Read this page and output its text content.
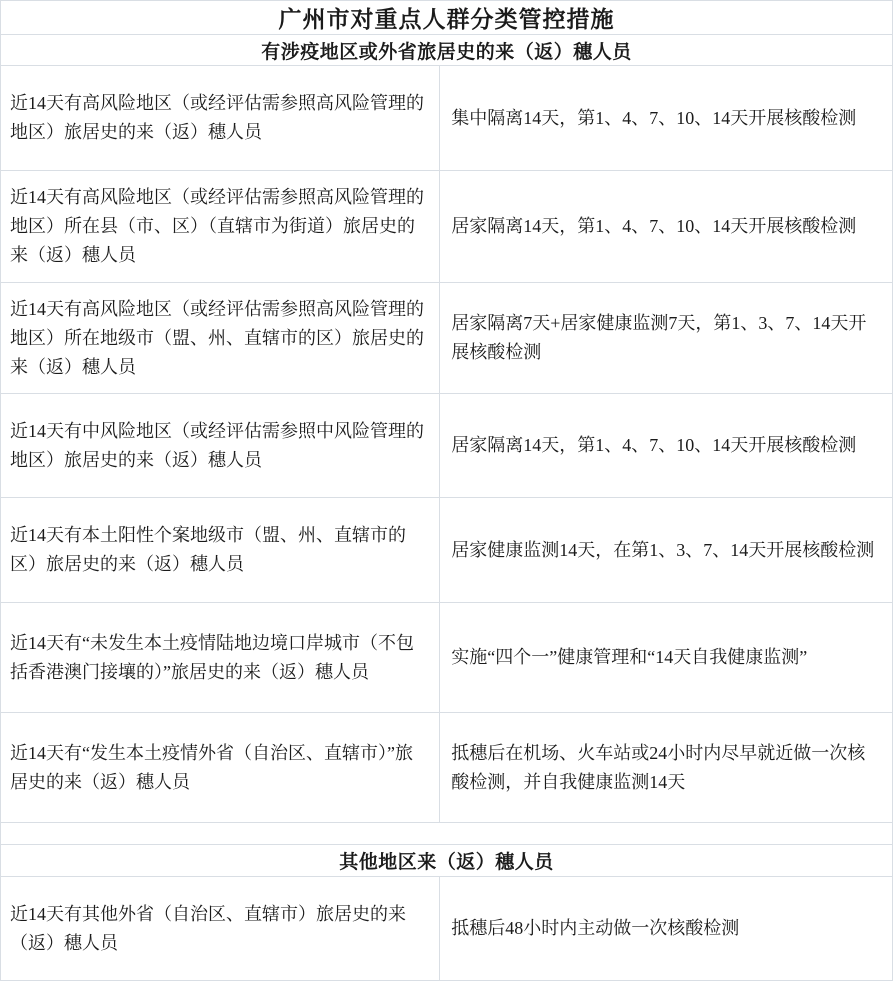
广州市对重点人群分类管控措施
有涉疫地区或外省旅居史的来（返）穗人员
近14天有高风险地区（或经评估需参照高风险管理的地区）旅居史的来（返）穗人员
集中隔离14天，第1、4、7、10、14天开展核酸检测
近14天有高风险地区（或经评估需参照高风险管理的地区）所在县（市、区）（直辖市为街道）旅居史的来（返）穗人员
居家隔离14天，第1、4、7、10、14天开展核酸检测
近14天有高风险地区（或经评估需参照高风险管理的地区）所在地级市（盟、州、直辖市的区）旅居史的来（返）穗人员
居家隔离7天+居家健康监测7天，第1、3、7、14天开展核酸检测
近14天有中风险地区（或经评估需参照中风险管理的地区）旅居史的来（返）穗人员
居家隔离14天，第1、4、7、10、14天开展核酸检测
近14天有本土阳性个案地级市（盟、州、直辖市的区）旅居史的来（返）穗人员
居家健康监测14天，在第1、3、7、14天开展核酸检测
近14天有“未发生本土疫情陆地边境口岸城市（不包括香港澳门接壤的）”旅居史的来（返）穗人员
实施“四个一”健康管理和“14天自我健康监测”
近14天有“发生本土疫情外省（自治区、直辖市）”旅居史的来（返）穗人员
抵穗后在机场、火车站或24小时内尽早就近做一次核酸检测，并自我健康监测14天
其他地区来（返）穗人员
近14天有其他外省（自治区、直辖市）旅居史的来（返）穗人员
抵穗后48小时内主动做一次核酸检测
